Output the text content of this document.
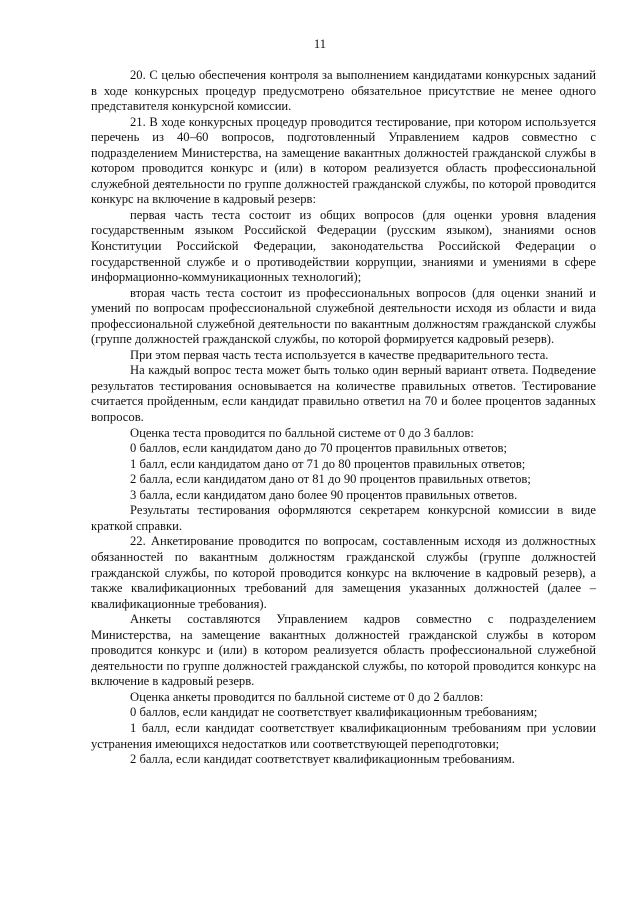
11

20. С целью обеспечения контроля за выполнением кандидатами конкурсных заданий в ходе конкурсных процедур предусмотрено обязательное присутствие не менее одного представителя конкурсной комиссии.

21. В ходе конкурсных процедур проводится тестирование, при котором используется перечень из 40–60 вопросов, подготовленный Управлением кадров совместно с подразделением Министерства, на замещение вакантных должностей гражданской службы в котором проводится конкурс и (или) в котором реализуется область профессиональной служебной деятельности по группе должностей гражданской службы, по которой проводится конкурс на включение в кадровый резерв:

первая часть теста состоит из общих вопросов (для оценки уровня владения государственным языком Российской Федерации (русским языком), знаниями основ Конституции Российской Федерации, законодательства Российской Федерации о государственной службе и о противодействии коррупции, знаниями и умениями в сфере информационно-коммуникационных технологий);

вторая часть теста состоит из профессиональных вопросов (для оценки знаний и умений по вопросам профессиональной служебной деятельности исходя из области и вида профессиональной служебной деятельности по вакантным должностям гражданской службы (группе должностей гражданской службы, по которой формируется кадровый резерв).

При этом первая часть теста используется в качестве предварительного теста.

На каждый вопрос теста может быть только один верный вариант ответа. Подведение результатов тестирования основывается на количестве правильных ответов. Тестирование считается пройденным, если кандидат правильно ответил на 70 и более процентов заданных вопросов.

Оценка теста проводится по балльной системе от 0 до 3 баллов:

0 баллов, если кандидатом дано до 70 процентов правильных ответов;

1 балл, если кандидатом дано от 71 до 80 процентов правильных ответов;

2 балла, если кандидатом дано от 81 до 90 процентов правильных ответов;

3 балла, если кандидатом дано более 90 процентов правильных ответов.

Результаты тестирования оформляются секретарем конкурсной комиссии в виде краткой справки.

22. Анкетирование проводится по вопросам, составленным исходя из должностных обязанностей по вакантным должностям гражданской службы (группе должностей гражданской службы, по которой проводится конкурс на включение в кадровый резерв), а также квалификационных требований для замещения указанных должностей (далее – квалификационные требования).

Анкеты составляются Управлением кадров совместно с подразделением Министерства, на замещение вакантных должностей гражданской службы в котором проводится конкурс и (или) в котором реализуется область профессиональной служебной деятельности по группе должностей гражданской службы, по которой проводится конкурс на включение в кадровый резерв.

Оценка анкеты проводится по балльной системе от 0 до 2 баллов:

0 баллов, если кандидат не соответствует квалификационным требованиям;

1 балл, если кандидат соответствует квалификационным требованиям при условии устранения имеющихся недостатков или соответствующей переподготовки;

2 балла, если кандидат соответствует квалификационным требованиям.
